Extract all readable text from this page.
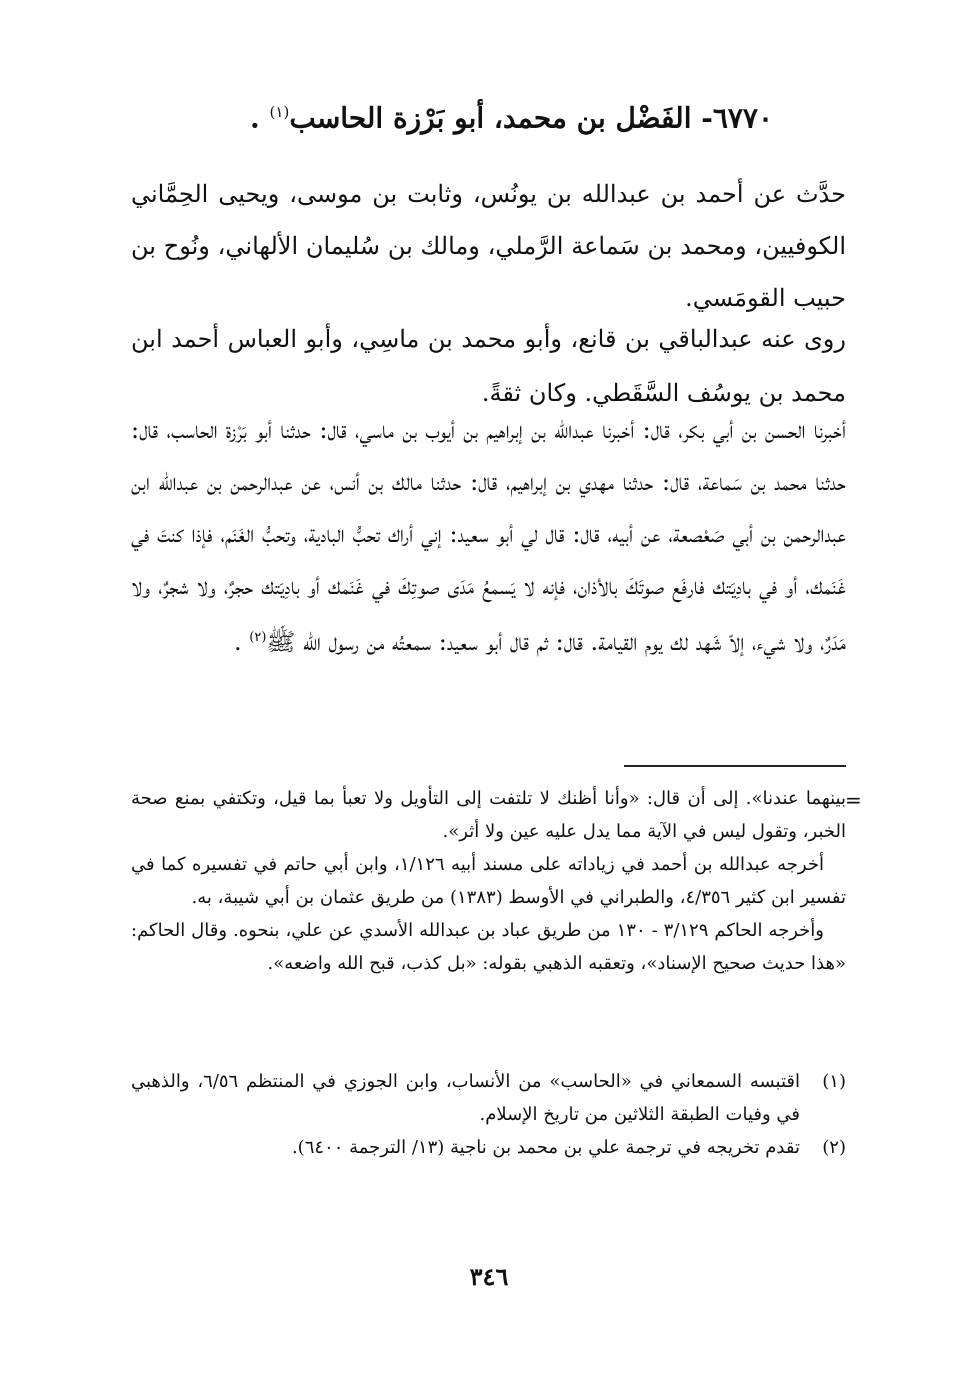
٦٧٧٠- الفَضْل بن محمد، أبو بَرْزة الحاسب$^{(١)}$ .

حدَّث عن أحمد بن عبدالله بن يونُس، وثابت بن موسى، ويحيى الحِمَّاني الكوفيين، ومحمد بن سَماعة الرَّملي، ومالك بن سُليمان الألهاني، ونُوح بن حبيب القومَسي.

روى عنه عبدالباقي بن قانع، وأبو محمد بن ماسِي، وأبو العباس أحمد ابن محمد بن يوسُف السَّقَطي. وكان ثقةً.

أخبرنا الحسن بن أبي بكر، قال: أخبرنا عبدالله بن إبراهيم بن أيوب بن ماسي، قال: حدثنا أبو بَرْزة الحاسب، قال: حدثنا محمد بن سَماعة، قال: حدثنا مهدي بن إبراهيم، قال: حدثنا مالك بن أنس، عن عبدالرحمن بن عبدالله ابن عبدالرحمن بن أبي صَعْصعة، عن أبيه، قال: قال لي أبو سعيد: إني أراك تحبُّ البادية، وتحبُّ الغَنَم، فإذا كنتَ في غَنَمك، أو في بادِيَتك فارفَع صوتَكَ بالأذان، فإنه لا يَسمعُ مَدَى صوتِكَ في غَنَمك أو بادِيَتك حجرٌ، ولا شجرٌ، ولا مَدَرٌ، ولا شيء، إلاّ شَهد لك يوم القيامة. قال: ثم قال أبو سعيد: سمعتُه من رسول الله ﷺ$^{(٢)}$ .

=

بينهما عندنا». إلى أن قال: «وأنا أظنك لا تلتفت إلى التأويل ولا تعبأ بما قيل، وتكتفي بمنع صحة الخبر، وتقول ليس في الآية مما يدل عليه عين ولا أثر».

أخرجه عبدالله بن أحمد في زياداته على مسند أبيه ١/١٢٦، وابن أبي حاتم في تفسيره كما في تفسير ابن كثير ٤/٣٥٦، والطبراني في الأوسط (١٣٨٣) من طريق عثمان بن أبي شيبة، به.

وأخرجه الحاكم ٣/١٢٩ - ١٣٠ من طريق عباد بن عبدالله الأسدي عن علي، بنحوه. وقال الحاكم: «هذا حديث صحيح الإسناد»، وتعقبه الذهبي بقوله: «بل كذب، قبح الله واضعه».

(١)
اقتبسه السمعاني في «الحاسب» من الأنساب، وابن الجوزي في المنتظم ٦/٥٦، والذهبي في وفيات الطبقة الثلاثين من تاريخ الإسلام.
(٢)
تقدم تخريجه في ترجمة علي بن محمد بن ناجية (١٣/ الترجمة ٦٤٠٠).
٣٤٦
